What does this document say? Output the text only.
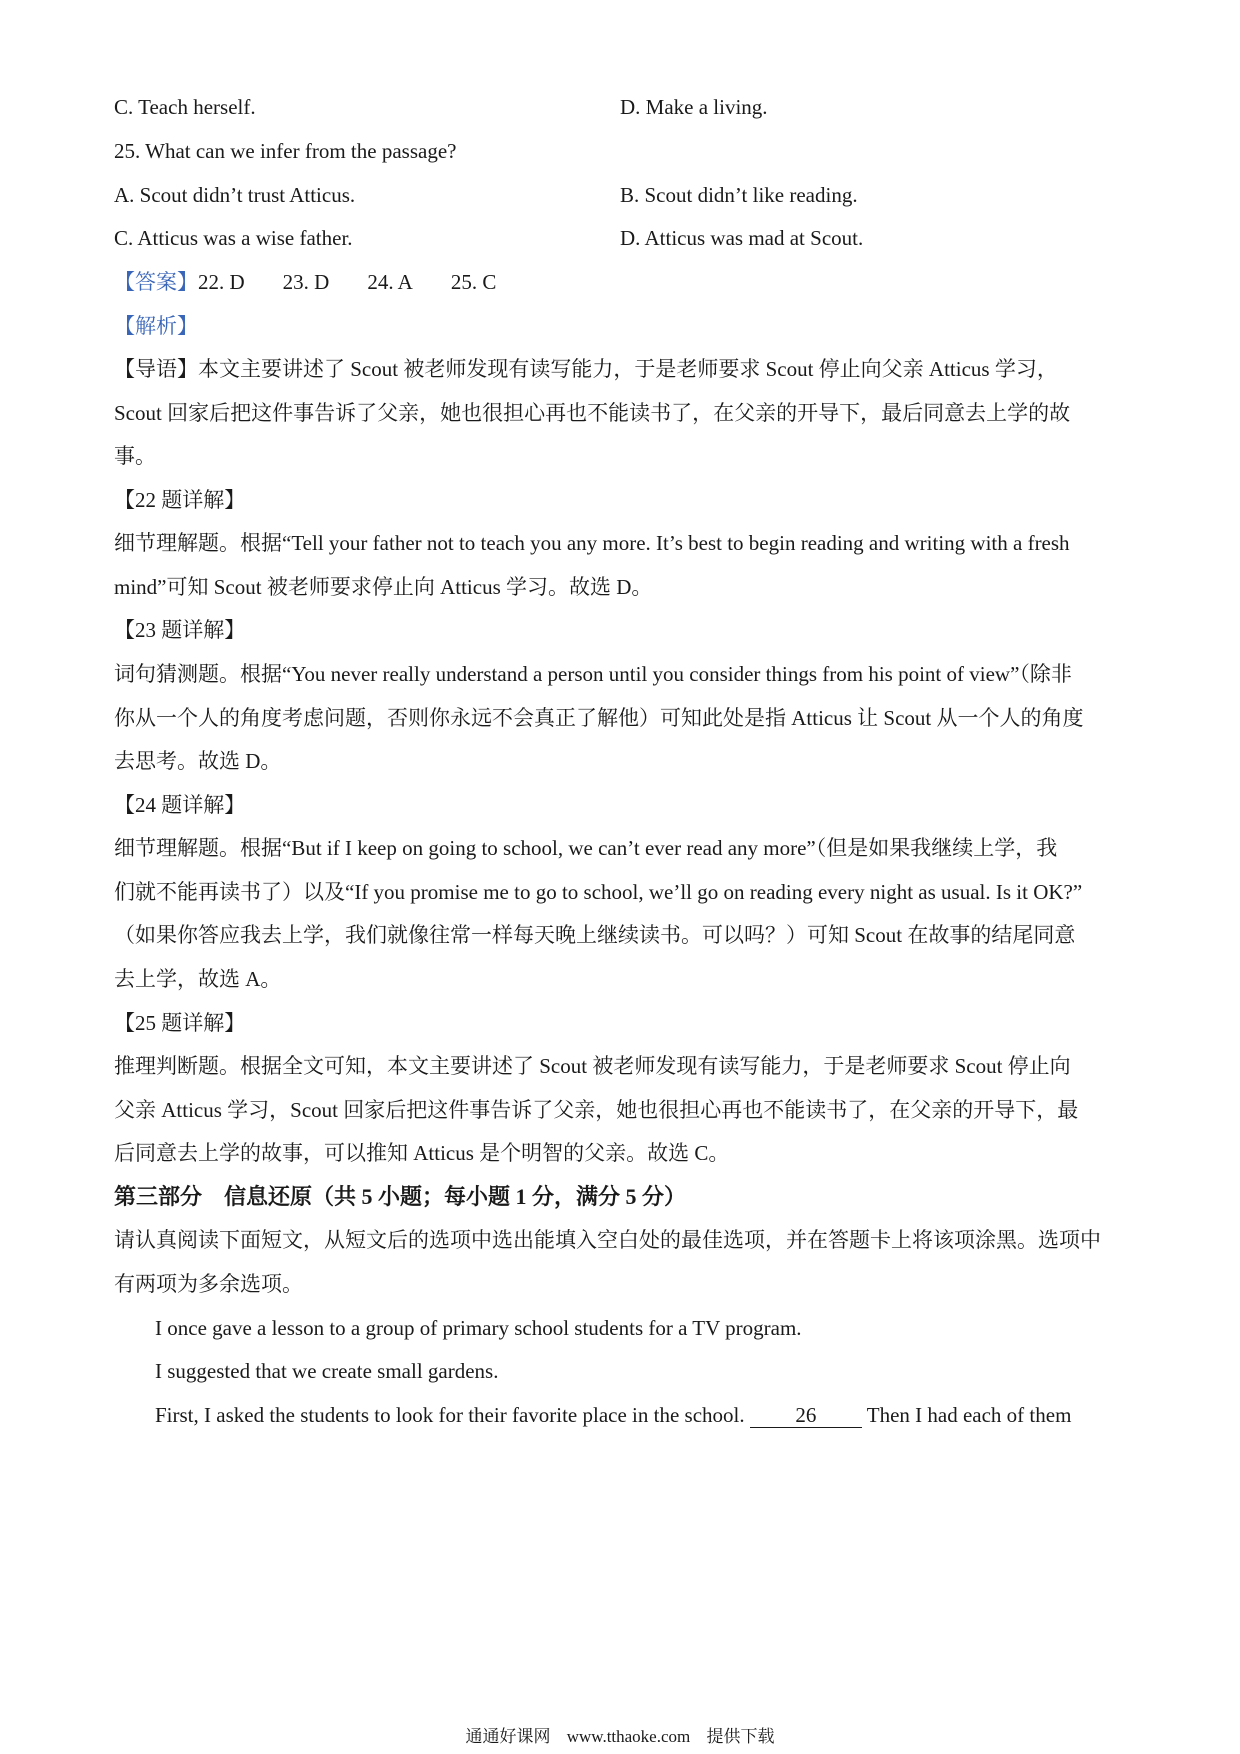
C. Teach herself.	D. Make a living.
25. What can we infer from the passage?
A. Scout didn’t trust Atticus.	B. Scout didn’t like reading.
C. Atticus was a wise father.	D. Atticus was mad at Scout.
【答案】22. D 23. D 24. A 25. C
【解析】
【导语】本文主要讲述了 Scout 被老师发现有读写能力，于是老师要求 Scout 停止向父亲 Atticus 学习，
Scout 回家后把这件事告诉了父亲，她也很担心再也不能读书了，在父亲的开导下，最后同意去上学的故
事。
【22 题详解】
细节理解题。根据“Tell your father not to teach you any more. It’s best to begin reading and writing with a fresh
mind”可知 Scout 被老师要求停止向 Atticus 学习。故选 D。
【23 题详解】
词句猜测题。根据“You never really understand a person until you consider things from his point of view”（除非
你从一个人的角度考虑问题，否则你永远不会真正了解他）可知此处是指 Atticus 让 Scout 从一个人的角度
去思考。故选 D。
【24 题详解】
细节理解题。根据“But if I keep on going to school, we can’t ever read any more”（但是如果我继续上学，我
们就不能再读书了）以及“If you promise me to go to school, we’ll go on reading every night as usual. Is it OK?”
（如果你答应我去上学，我们就像往常一样每天晚上继续读书。可以吗？）可知 Scout 在故事的结尾同意
去上学，故选 A。
【25 题详解】
推理判断题。根据全文可知，本文主要讲述了 Scout 被老师发现有读写能力，于是老师要求 Scout 停止向
父亲 Atticus 学习，Scout 回家后把这件事告诉了父亲，她也很担心再也不能读书了，在父亲的开导下，最
后同意去上学的故事，可以推知 Atticus 是个明智的父亲。故选 C。
第三部分　信息还原（共 5 小题；每小题 1 分，满分 5 分）
请认真阅读下面短文，从短文后的选项中选出能填入空白处的最佳选项，并在答题卡上将该项涂黑。选项中
有两项为多余选项。
I once gave a lesson to a group of primary school students for a TV program.
I suggested that we create small gardens.
First, I asked the students to look for their favorite place in the school. 26 Then I had each of them
通通好课网 www.tthaoke.com 提供下载
